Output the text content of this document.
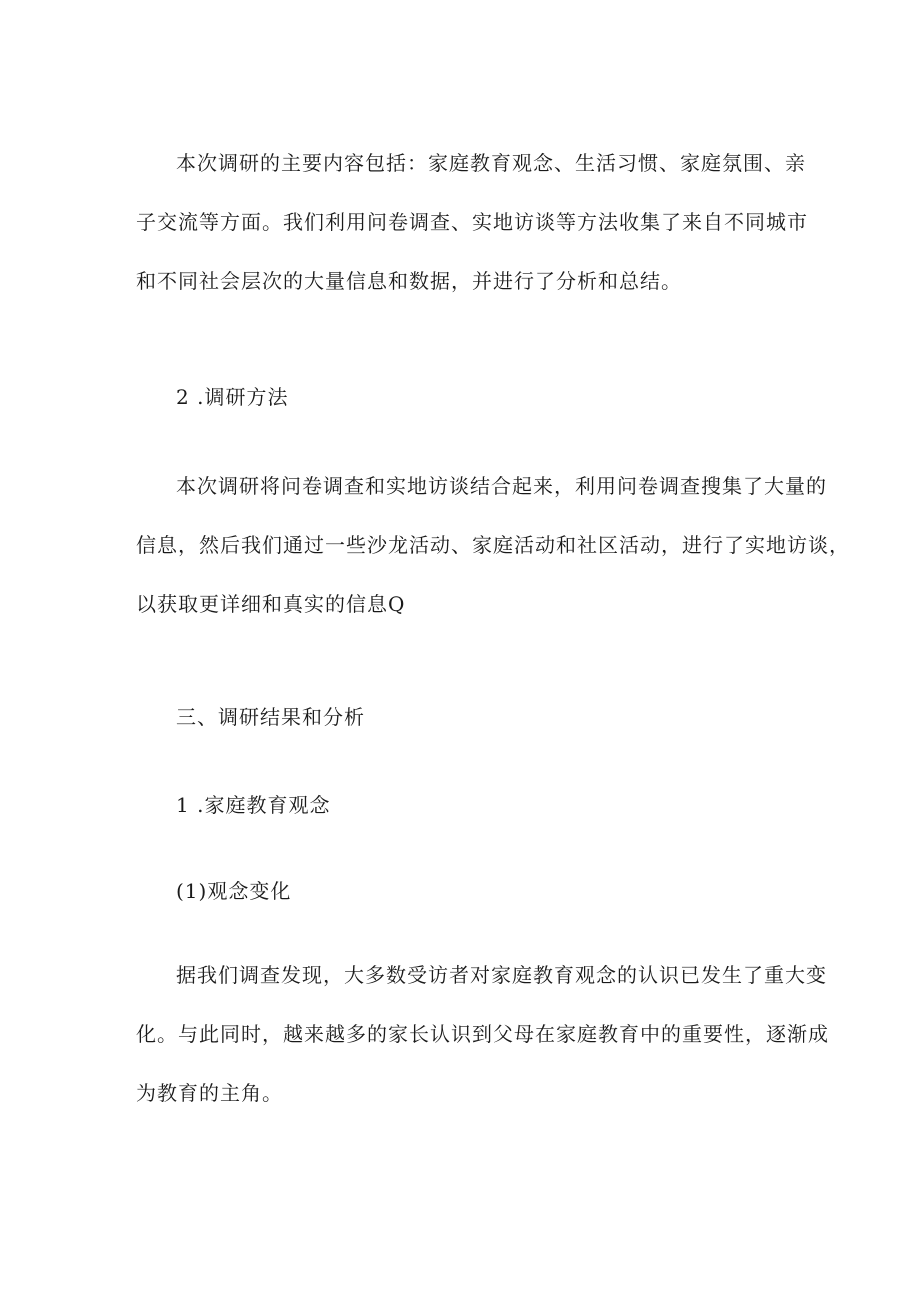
本次调研的主要内容包括：家庭教育观念、生活习惯、家庭氛围、亲
子交流等方面。我们利用问卷调查、实地访谈等方法收集了来自不同城市
和不同社会层次的大量信息和数据，并进行了分析和总结。
2 .调研方法
本次调研将问卷调查和实地访谈结合起来，利用问卷调查搜集了大量的
信息，然后我们通过一些沙龙活动、家庭活动和社区活动，进行了实地访谈，
以获取更详细和真实的信息Q
三、调研结果和分析
1 .家庭教育观念
(1)观念变化
据我们调查发现，大多数受访者对家庭教育观念的认识已发生了重大变
化。与此同时，越来越多的家长认识到父母在家庭教育中的重要性，逐渐成
为教育的主角。
